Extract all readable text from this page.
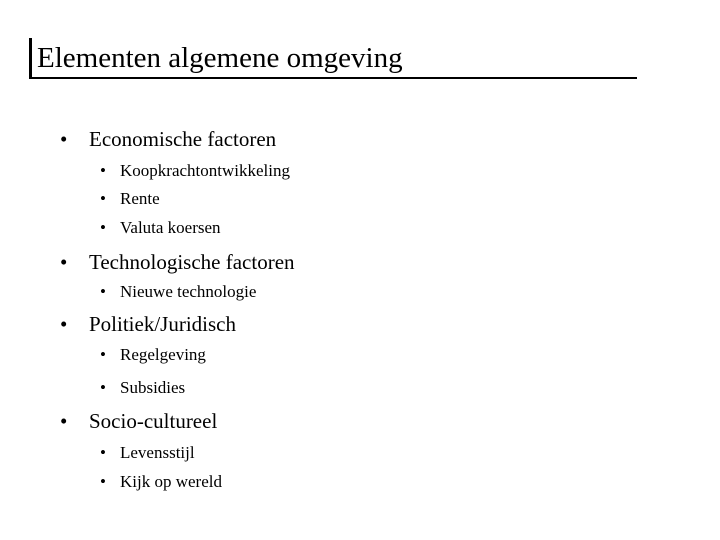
Elementen algemene omgeving
• Economische factoren
• Koopkrachtontwikkeling
• Rente
• Valuta koersen
• Technologische factoren
• Nieuwe technologie
• Politiek/Juridisch
• Regelgeving
• Subsidies
• Socio-cultureel
• Levensstijl
• Kijk op wereld
